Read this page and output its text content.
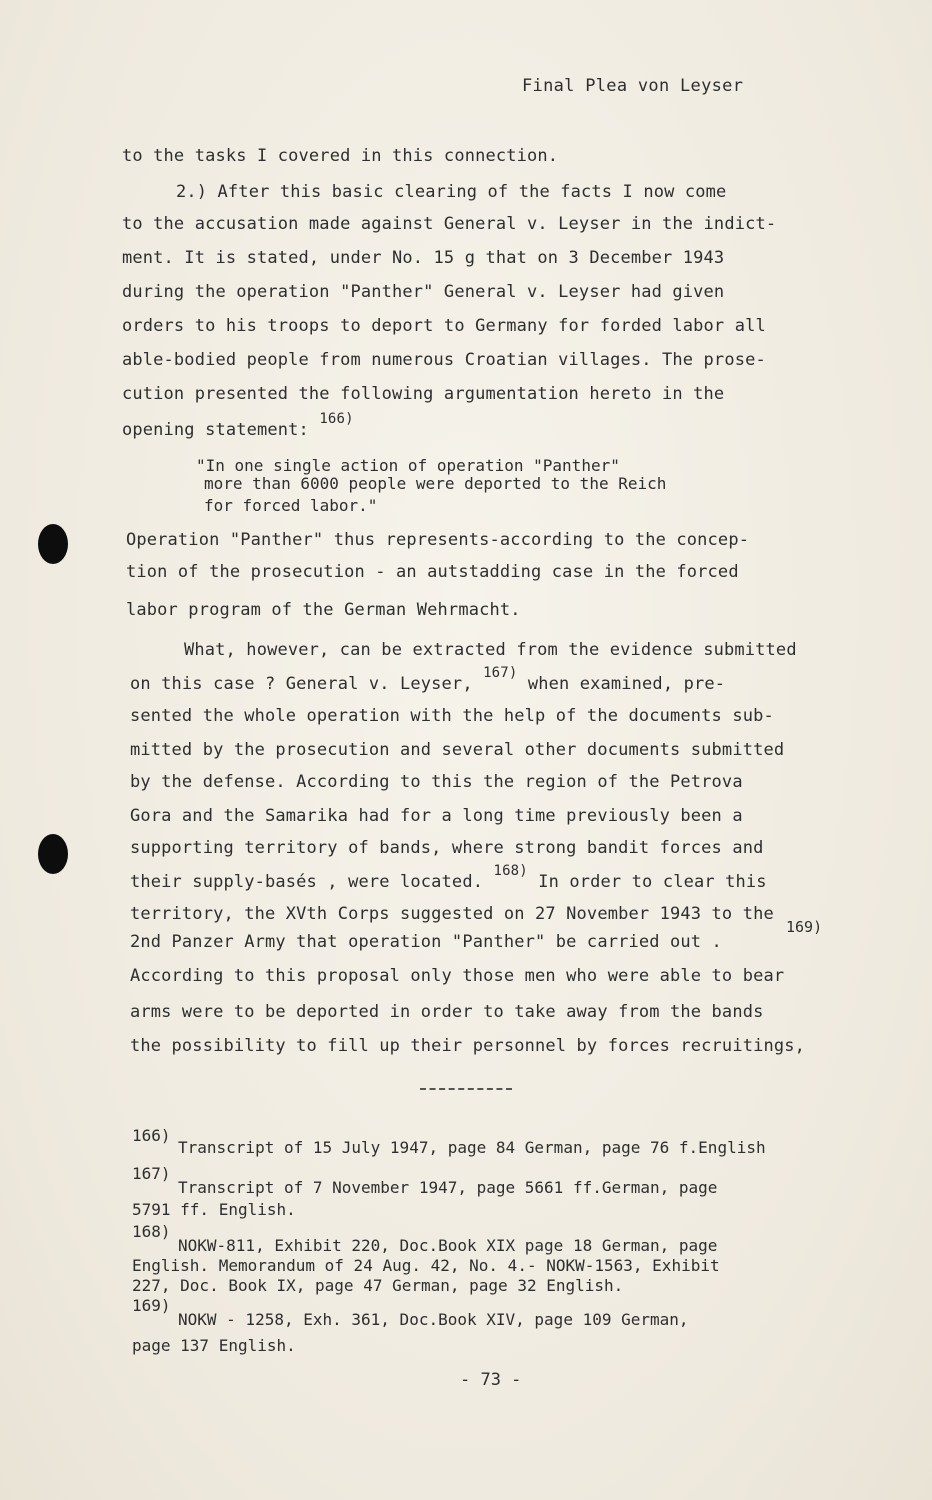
Final Plea von Leyser
to the tasks I covered in this connection.
2.) After this basic clearing of the facts I now come
to the accusation made against General v. Leyser in the indict-
ment. It is stated, under No. 15 g that on 3 December 1943
during the operation "Panther" General v. Leyser had given
orders to his troops to deport to Germany for forded labor all
able-bodied people from numerous Croatian villages. The prose-
cution presented the following argumentation hereto in the
opening statement: $^{166)}$
"In one single action of operation "Panther"
more than 6000 people were deported to the Reich
for forced labor."
Operation "Panther" thus represents-according to the concep-
tion of the prosecution - an autstadding case in the forced
labor program of the German Wehrmacht.
What, however, can be extracted from the evidence submitted
on this case ? General v. Leyser, $^{167)}$ when examined, pre-
sented the whole operation with the help of the documents sub-
mitted by the prosecution and several other documents submitted
by the defense. According to this the region of the Petrova
Gora and the Samarika had for a long time previously been a
supporting territory of bands, where strong bandit forces and
their supply-basés , were located. $^{168)}$ In order to clear this
territory, the XVth Corps suggested on 27 November 1943 to the
169)
2nd Panzer Army that operation "Panther" be carried out .
According to this proposal only those men who were able to bear
arms were to be deported in order to take away from the bands
the possibility to fill up their personnel by forces recruitings,
166)
Transcript of 15 July 1947, page 84 German, page 76 f.English
167)
Transcript of 7 November 1947, page 5661 ff.German, page
5791 ff. English.
168)
NOKW-811, Exhibit 220, Doc.Book XIX page 18 German, page
English. Memorandum of 24 Aug. 42, No. 4.- NOKW-1563, Exhibit
227, Doc. Book IX, page 47 German, page 32 English.
169)
NOKW - 1258, Exh. 361, Doc.Book XIV, page 109 German,
page 137 English.
- 73 -
